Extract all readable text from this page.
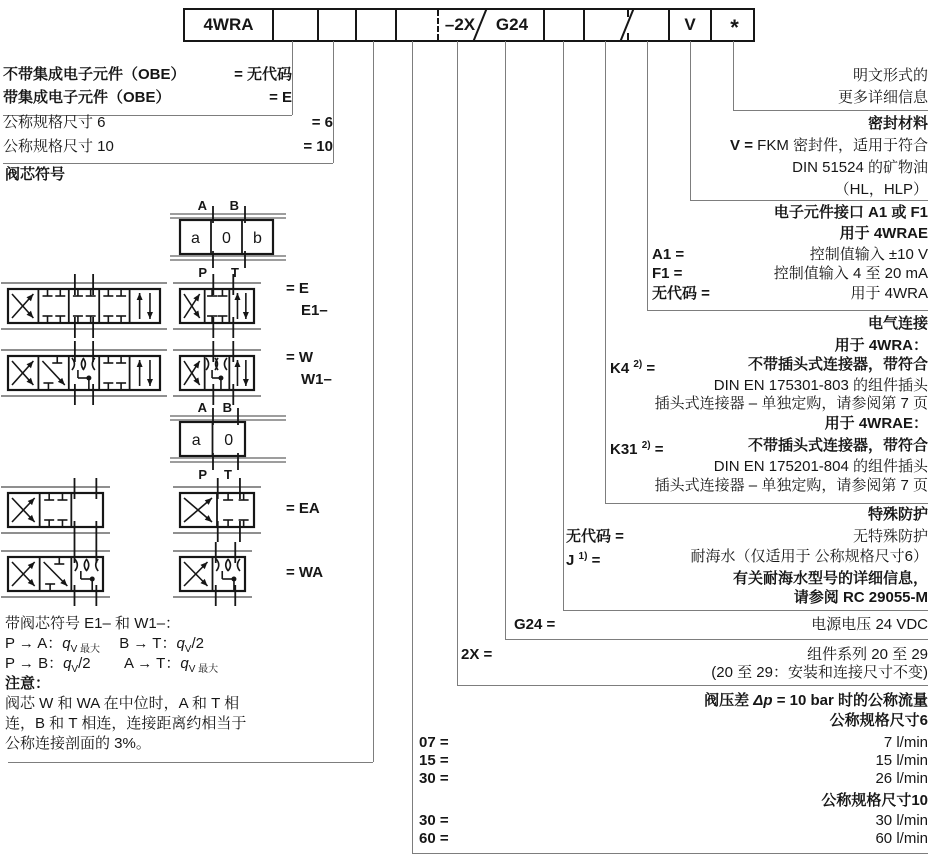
4WRA	–2X G24	V *
不带集成电子元件（OBE）	= 无代码
带集成电子元件（OBE）	= E
公称规格尺寸 6	= 6
公称规格尺寸 10	= 10
阀芯符号
a 0 b
A
P
B
T
a 0
A
P
B
T
= E
E1–
= W
W1–
= EA
= WA
带阀芯符号 E1– 和 W1–：
P → A：$q_{V 最大}$　 B → T：$q_V/2$
P → B：$q_V/2$　　 A → T：$q_{V 最大}$
注意：
阀芯 W 和 WA 在中位时，A 和 T 相
连，B 和 T 相连，连接距离约相当于
公称连接剖面的 3%。
明文形式的
更多详细信息
密封材料
V = FKM 密封件，适用于符合
DIN 51524 的矿物油
（HL，HLP）
电子元件接口 A1 或 F1
用于 4WRAE
A1 =	控制值输入 ±10 V
F1 =	控制值输入 4 至 20 mA
无代码 =	用于 4WRA
电气连接
用于 4WRA：
K4 $^{2)}$ =	不带插头式连接器，带符合
DIN EN 175301-803 的组件插头
插头式连接器 – 单独定购，请参阅第 7 页
用于 4WRAE：
K31 $^{2)}$ =	不带插头式连接器，带符合
DIN EN 175201-804 的组件插头
插头式连接器 – 单独定购，请参阅第 7 页
特殊防护
无代码 =	无特殊防护
J $^{1)}$ =	耐海水（仅适用于 公称规格尺寸6）
有关耐海水型号的详细信息，
请参阅 RC 29055-M
G24 =	电源电压 24 VDC
2X =	组件系列 20 至 29
(20 至 29：安装和连接尺寸不变)
阀压差 Δp = 10 bar 时的公称流量
公称规格尺寸6
07 =	7 l/min
15 =	15 l/min
30 =	26 l/min
公称规格尺寸10
30 =	30 l/min
60 =	60 l/min
